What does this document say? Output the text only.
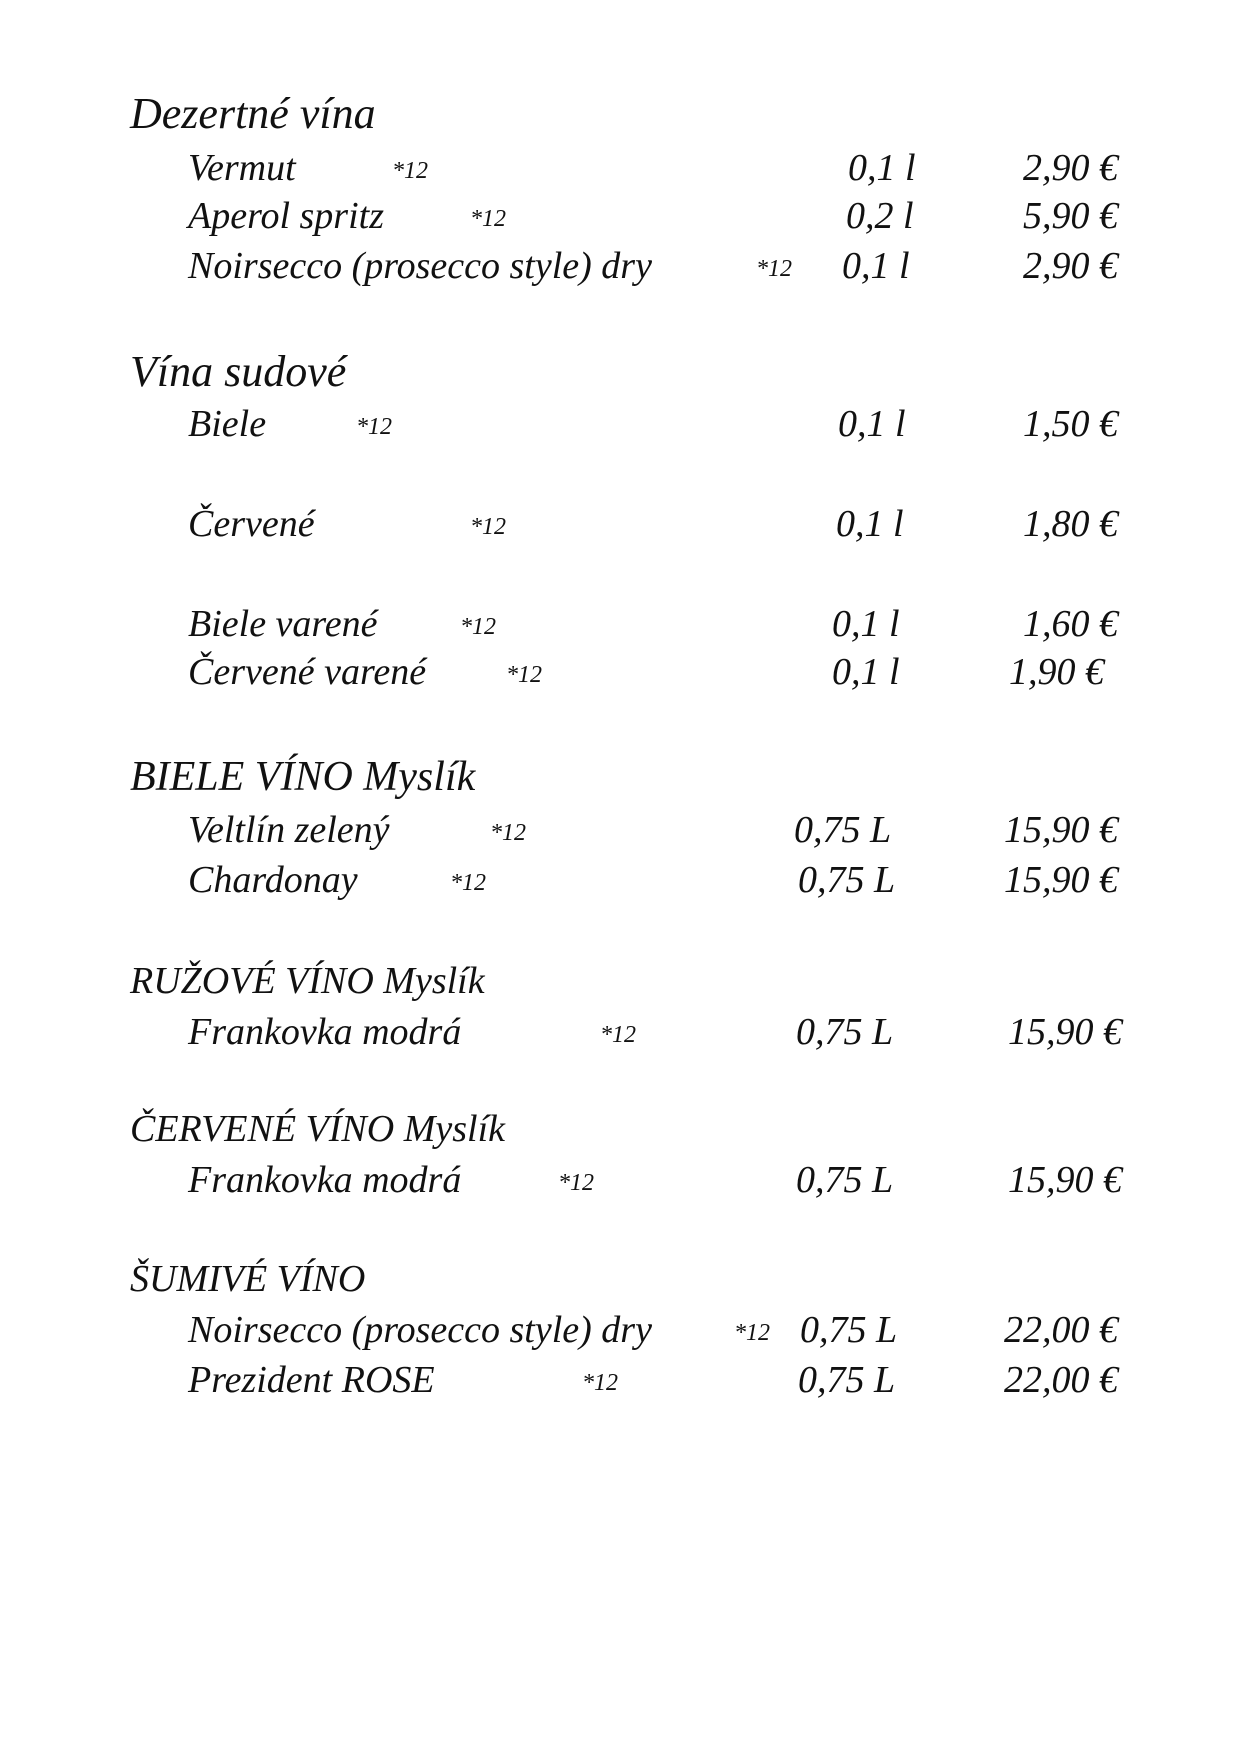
Dezertné vína
Vermut	*12	0,1 l	2,90 €
Aperol spritz	*12	0,2 l	5,90 €
Noirsecco (prosecco style) dry	*12 0,1 l	2,90 €
Vína sudové
Biele	*12	0,1 l	1,50 €
Červené	*12	0,1 l	1,80 €
Biele varené	*12	0,1 l	1,60 €
Červené varené	*12	0,1 l	1,90 €
BIELE VÍNO Myslík
Veltlín zelený	*12	0,75 L	15,90 €
Chardonay	*12	0,75 L	15,90 €
RUŽOVÉ VÍNO Myslík
Frankovka modrá	*12	0,75 L	15,90 €
ČERVENÉ VÍNO Myslík
Frankovka modrá	*12	0,75 L	15,90 €
ŠUMIVÉ VÍNO
Noirsecco (prosecco style) dry	*12 0,75 L	22,00 €
Prezident ROSE	*12	0,75 L	22,00 €
